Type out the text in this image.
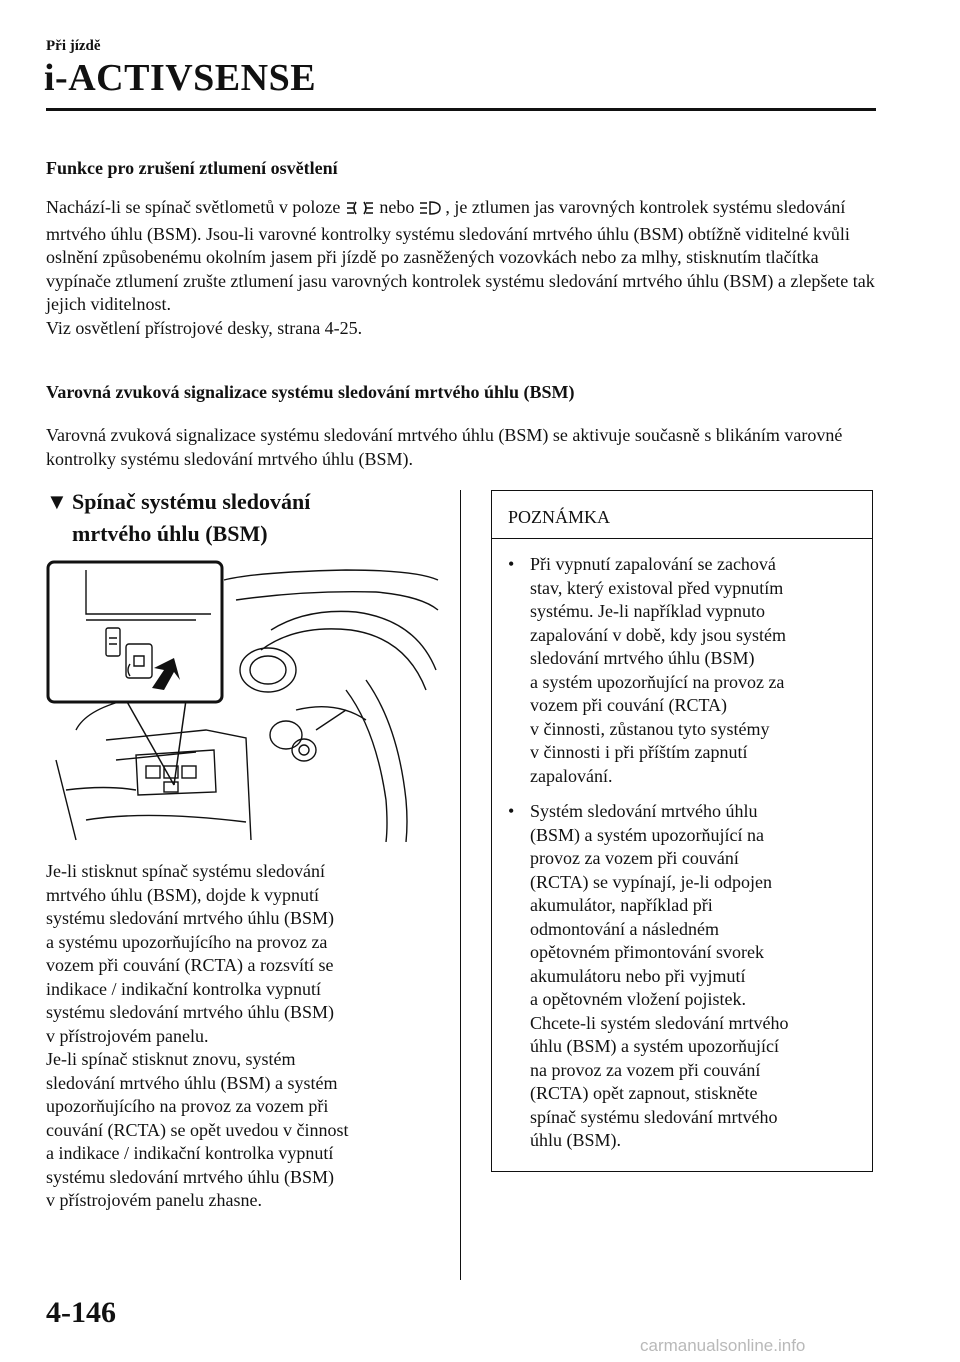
Při jízdě
i-ACTIVSENSE
Funkce pro zrušení ztlumení osvětlení
Nachází-li se spínač světlometů v poloze  nebo  , je ztlumen jas varovných kontrolek systému sledování mrtvého úhlu (BSM). Jsou-li varovné kontrolky systému sledování mrtvého úhlu (BSM) obtížně viditelné kvůli oslnění způsobenému okolním jasem při jízdě po zasněžených vozovkách nebo za mlhy, stisknutím tlačítka vypínače ztlumení zrušte ztlumení jasu varovných kontrolek systému sledování mrtvého úhlu (BSM) a zlepšete tak jejich viditelnost.
Viz osvětlení přístrojové desky, strana 4-25.
Varovná zvuková signalizace systému sledování mrtvého úhlu (BSM)
Varovná zvuková signalizace systému sledování mrtvého úhlu (BSM) se aktivuje současně s blikáním varovné kontrolky systému sledování mrtvého úhlu (BSM).
▼ Spínač systému sledování
mrtvého úhlu (BSM)
Je-li stisknut spínač systému sledování
mrtvého úhlu (BSM), dojde k vypnutí
systému sledování mrtvého úhlu (BSM)
a systému upozorňujícího na provoz za
vozem při couvání (RCTA) a rozsvítí se
indikace / indikační kontrolka vypnutí
systému sledování mrtvého úhlu (BSM)
v přístrojovém panelu.
Je-li spínač stisknut znovu, systém
sledování mrtvého úhlu (BSM) a systém
upozorňujícího na provoz za vozem při
couvání (RCTA) se opět uvedou v činnost
a indikace / indikační kontrolka vypnutí
systému sledování mrtvého úhlu (BSM)
v přístrojovém panelu zhasne.
POZNÁMKA
• Při vypnutí zapalování se zachová
stav, který existoval před vypnutím
systému. Je-li například vypnuto
zapalování v době, kdy jsou systém
sledování mrtvého úhlu (BSM)
a systém upozorňující na provoz za
vozem při couvání (RCTA)
v činnosti, zůstanou tyto systémy
v činnosti i při příštím zapnutí
zapalování.
• Systém sledování mrtvého úhlu
(BSM) a systém upozorňující na
provoz za vozem při couvání
(RCTA) se vypínají, je-li odpojen
akumulátor, například při
odmontování a následném
opětovném přimontování svorek
akumulátoru nebo při vyjmutí
a opětovném vložení pojistek.
Chcete-li systém sledování mrtvého
úhlu (BSM) a systém upozorňující
na provoz za vozem při couvání
(RCTA) opět zapnout, stiskněte
spínač systému sledování mrtvého
úhlu (BSM).
4-146
carmanualsonline.info
